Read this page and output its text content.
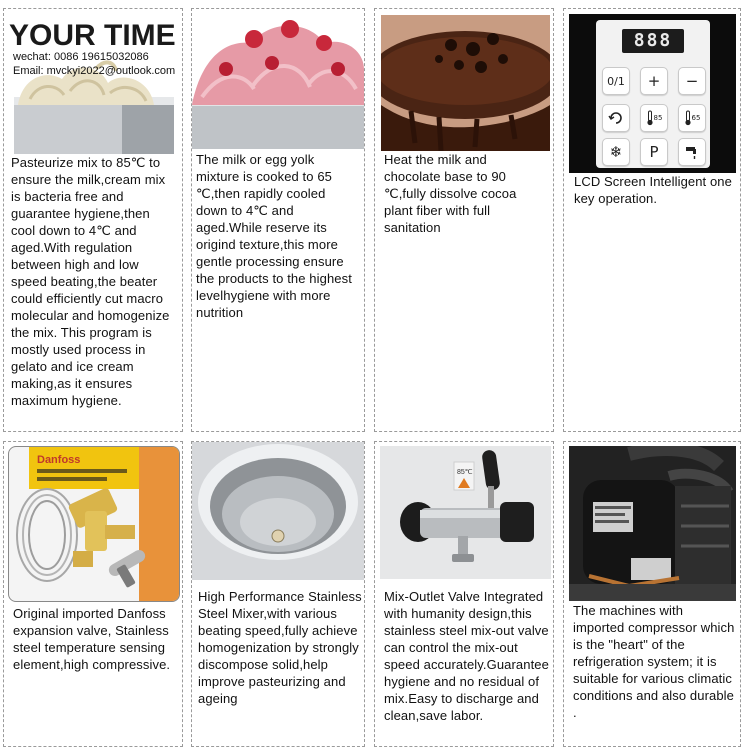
YOUR TIME
wechat: 0086 19615032086
Email: mvckyi2022@outlook.com

Pasteurize mix to 85℃ to ensure the milk,cream mix is bacteria free and guarantee hygiene,then cool down to 4℃ and aged.With regulation between high and low speed beating,the beater could efficiently cut macro molecular and homogenize the mix. This program is mostly used process in gelato and ice cream making,as it ensures maximum hygiene.

The milk or egg yolk mixture is cooked to 65 ℃,then rapidly cooled down to 4℃ and aged.While reserve its origind texture,this more gentle processing ensure the products to the highest levelhygiene with more nutrition

Heat the milk and chocolate base to 90 ℃,fully dissolve cocoa plant fiber with full sanitation

888
0/1 + −
85	65
❄ P

LCD Screen Intelligent one key operation.

Danfoss

Original imported Danfoss expansion valve, Stainless steel temperature sensing element,high compressive.

High Performance Stainless Steel Mixer,with various beating speed,fully achieve homogenization by strongly discompose solid,help improve pasteurizing and ageing

85℃

Mix-Outlet Valve Integrated with humanity design,this stainless steel mix-out valve can control the mix-out speed accurately.Guarantee hygiene and no residual of mix.Easy to discharge and clean,save labor.

The machines with imported compressor which is the "heart" of the refrigeration system; it is suitable for various climatic conditions and also durable .
